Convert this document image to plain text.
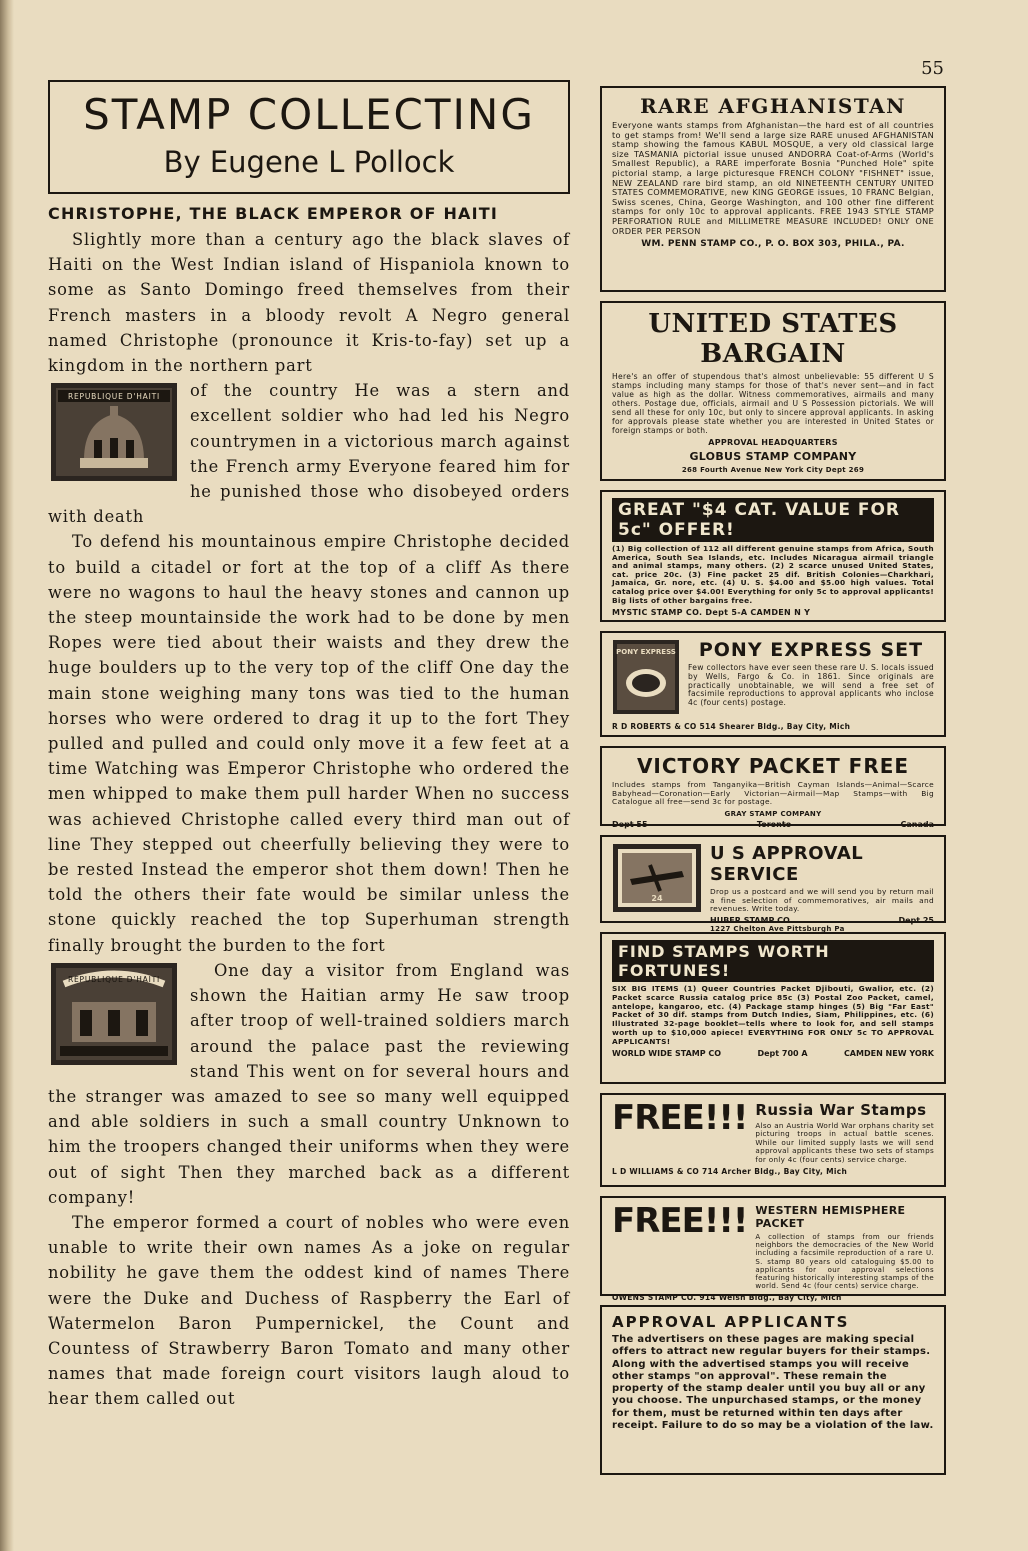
55
STAMP COLLECTING
By Eugene L Pollock
CHRISTOPHE, THE BLACK EMPEROR OF HAITI

Slightly more than a century ago the black slaves of Haiti on the West Indian island of Hispaniola known to some as Santo Domingo freed themselves from their French masters in a bloody revolt A Negro general named Christophe (pronounce it Kris-to-fay) set up a kingdom in the northern part

REPUBLIQUE D'HAITI	of the country He was a stern and excellent soldier who had led his Negro countrymen in a victorious march against the French army Everyone feared him for he punished those who disobeyed orders with death

To defend his mountainous empire Christophe decided to build a citadel or fort at the top of a cliff As there were no wagons to haul the heavy stones and cannon up the steep mountainside the work had to be done by men Ropes were tied about their waists and they drew the huge boulders up to the very top of the cliff One day the main stone weighing many tons was tied to the human horses who were ordered to drag it up to the fort They pulled and pulled and could only move it a few feet at a time Watching was Emperor Christophe who ordered the men whipped to make them pull harder When no success was achieved Christophe called every third man out of line They stepped out cheerfully believing they were to be rested Instead the emperor shot them down! Then he told the others their fate would be similar unless the stone quickly reached the top Superhuman strength finally brought the burden to the fort

REPUBLIQUE D'HAITI	One day a visitor from England was shown the Haitian army He saw troop after troop of well-trained soldiers march around the palace past the reviewing stand This went on for several hours and the stranger was amazed to see so many well equipped and able soldiers in such a small country Unknown to him the troopers changed their uniforms when they were out of sight Then they marched back as a different company!

The emperor formed a court of nobles who were even unable to write their own names As a joke on regular nobility he gave them the oddest kind of names There were the Duke and Duchess of Raspberry the Earl of Watermelon Baron Pumpernickel, the Count and Countess of Strawberry Baron Tomato and many other names that made foreign court visitors laugh aloud to hear them called out

RARE AFGHANISTAN
Everyone wants stamps from Afghanistan—the hard est of all countries to get stamps from! We'll send a large size RARE unused AFGHANISTAN stamp showing the famous KABUL MOSQUE, a very old classical large size TASMANIA pictorial issue unused ANDORRA Coat-of-Arms (World's Smallest Republic), a RARE imperforate Bosnia "Punched Hole" spite pictorial stamp, a large picturesque FRENCH COLONY "FISHNET" issue, NEW ZEALAND rare bird stamp, an old NINETEENTH CENTURY UNITED STATES COMMEMORATIVE, new KING GEORGE issues, 10 FRANC Belgian, Swiss scenes, China, George Washington, and 100 other fine different stamps for only 10c to approval applicants. FREE 1943 STYLE STAMP PERFORATION RULE and MILLIMETRE MEASURE INCLUDED! ONLY ONE ORDER PER PERSON
WM. PENN STAMP CO., P. O. BOX 303, PHILA., PA.
UNITED STATES BARGAIN
Here's an offer of stupendous that's almost unbelievable: 55 different U S stamps including many stamps for those of that's never sent—and in fact value as high as the dollar. Witness commemoratives, airmails and many others. Postage due, officials, airmail and U S Possession pictorials. We will send all these for only 10c, but only to sincere approval applicants. In asking for approvals please state whether you are interested in United States or foreign stamps or both.
APPROVAL HEADQUARTERS
GLOBUS STAMP COMPANY
268 Fourth Avenue New York City Dept 269
GREAT "$4 CAT. VALUE FOR 5c" OFFER!
(1) Big collection of 112 all different genuine stamps from Africa, South America, South Sea Islands, etc. Includes Nicaragua airmail triangle and animal stamps, many others. (2) 2 scarce unused United States, cat. price 20c. (3) Fine packet 25 dif. British Colonies—Charkhari, Jamaica, Gr. nore, etc. (4) U. S. $4.00 and $5.00 high values. Total catalog price over $4.00! Everything for only 5c to approval applicants! Big lists of other bargains free.
MYSTIC STAMP CO. Dept 5-A CAMDEN N Y
PONY EXPRESS	PONY EXPRESS SET
Few collectors have ever seen these rare U. S. locals issued by Wells, Fargo & Co. in 1861. Since originals are practically unobtainable, we will send a free set of facsimile reproductions to approval applicants who inclose 4c (four cents) postage.
R D ROBERTS & CO 514 Shearer Bldg., Bay City, Mich
VICTORY PACKET FREE
Includes stamps from Tanganyika—British Cayman Islands—Animal—Scarce Babyhead—Coronation—Early Victorian—Airmail—Map Stamps—with Big Catalogue all free—send 3c for postage.
GRAY STAMP COMPANY
Dept 55	Toronto	Canada
24
U S APPROVAL SERVICE
Drop us a postcard and we will send you by return mail a fine selection of commemoratives, air mails and revenues. Write today.
HUBER STAMP CO	Dept 25
1227 Chelton Ave Pittsburgh Pa
FIND STAMPS WORTH FORTUNES!
SIX BIG ITEMS (1) Queer Countries Packet Djibouti, Gwalior, etc. (2) Packet scarce Russia catalog price 85c (3) Postal Zoo Packet, camel, antelope, kangaroo, etc. (4) Package stamp hinges (5) Big "Far East" Packet of 30 dif. stamps from Dutch Indies, Siam, Philippines, etc. (6) Illustrated 32-page booklet—tells where to look for, and sell stamps worth up to $10,000 apiece! EVERYTHING FOR ONLY 5c TO APPROVAL APPLICANTS!
WORLD WIDE STAMP CO	Dept 700 A	CAMDEN NEW YORK
FREE!!! Russia War Stamps
Also an Austria World War orphans charity set picturing troops in actual battle scenes. While our limited supply lasts we will send approval applicants these two sets of stamps for only 4c (four cents) service charge.
L D WILLIAMS & CO 714 Archer Bldg., Bay City, Mich
FREE!!! WESTERN HEMISPHERE PACKET
A collection of stamps from our friends neighbors the democracies of the New World including a facsimile reproduction of a rare U. S. stamp 80 years old cataloguing $5.00 to applicants for our approval selections featuring historically interesting stamps of the world. Send 4c (four cents) service charge.
OWENS STAMP CO. 914 Welsh Bldg., Bay City, Mich
APPROVAL APPLICANTS
The advertisers on these pages are making special offers to attract new regular buyers for their stamps. Along with the advertised stamps you will receive other stamps "on approval". These remain the property of the stamp dealer until you buy all or any you choose. The unpurchased stamps, or the money for them, must be returned within ten days after receipt. Failure to do so may be a violation of the law.
